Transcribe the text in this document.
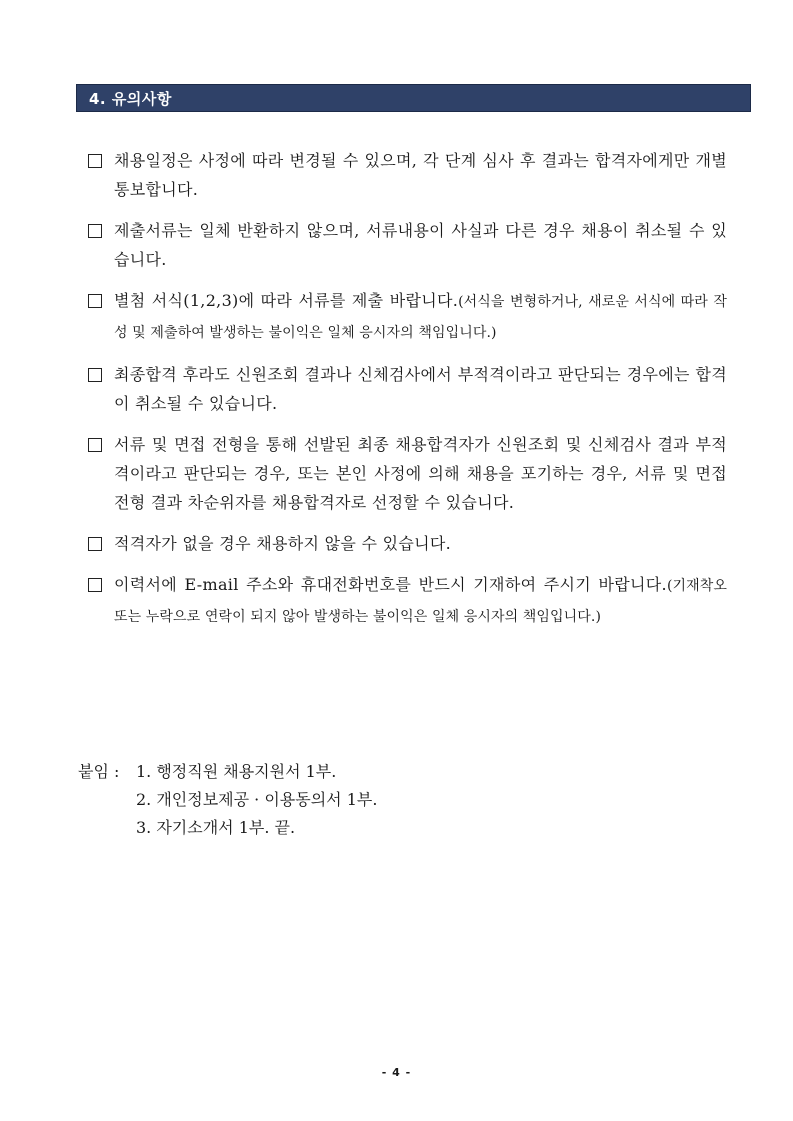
4. 유의사항
채용일정은 사정에 따라 변경될 수 있으며, 각 단계 심사 후 결과는 합격자에게만 개별 통보합니다.
제출서류는 일체 반환하지 않으며, 서류내용이 사실과 다른 경우 채용이 취소될 수 있습니다.
별첨 서식(1,2,3)에 따라 서류를 제출 바랍니다.(서식을 변형하거나, 새로운 서식에 따라 작성 및 제출하여 발생하는 불이익은 일체 응시자의 책임입니다.)
최종합격 후라도 신원조회 결과나 신체검사에서 부적격이라고 판단되는 경우에는 합격이 취소될 수 있습니다.
서류 및 면접 전형을 통해 선발된 최종 채용합격자가 신원조회 및 신체검사 결과 부적격이라고 판단되는 경우, 또는 본인 사정에 의해 채용을 포기하는 경우, 서류 및 면접 전형 결과 차순위자를 채용합격자로 선정할 수 있습니다.
적격자가 없을 경우 채용하지 않을 수 있습니다.
이력서에 E-mail 주소와 휴대전화번호를 반드시 기재하여 주시기 바랍니다.(기재착오 또는 누락으로 연락이 되지 않아 발생하는 불이익은 일체 응시자의 책임입니다.)
붙임 :	1. 행정직원 채용지원서 1부.
2. 개인정보제공 · 이용동의서 1부.
3. 자기소개서 1부. 끝.
- 4 -
